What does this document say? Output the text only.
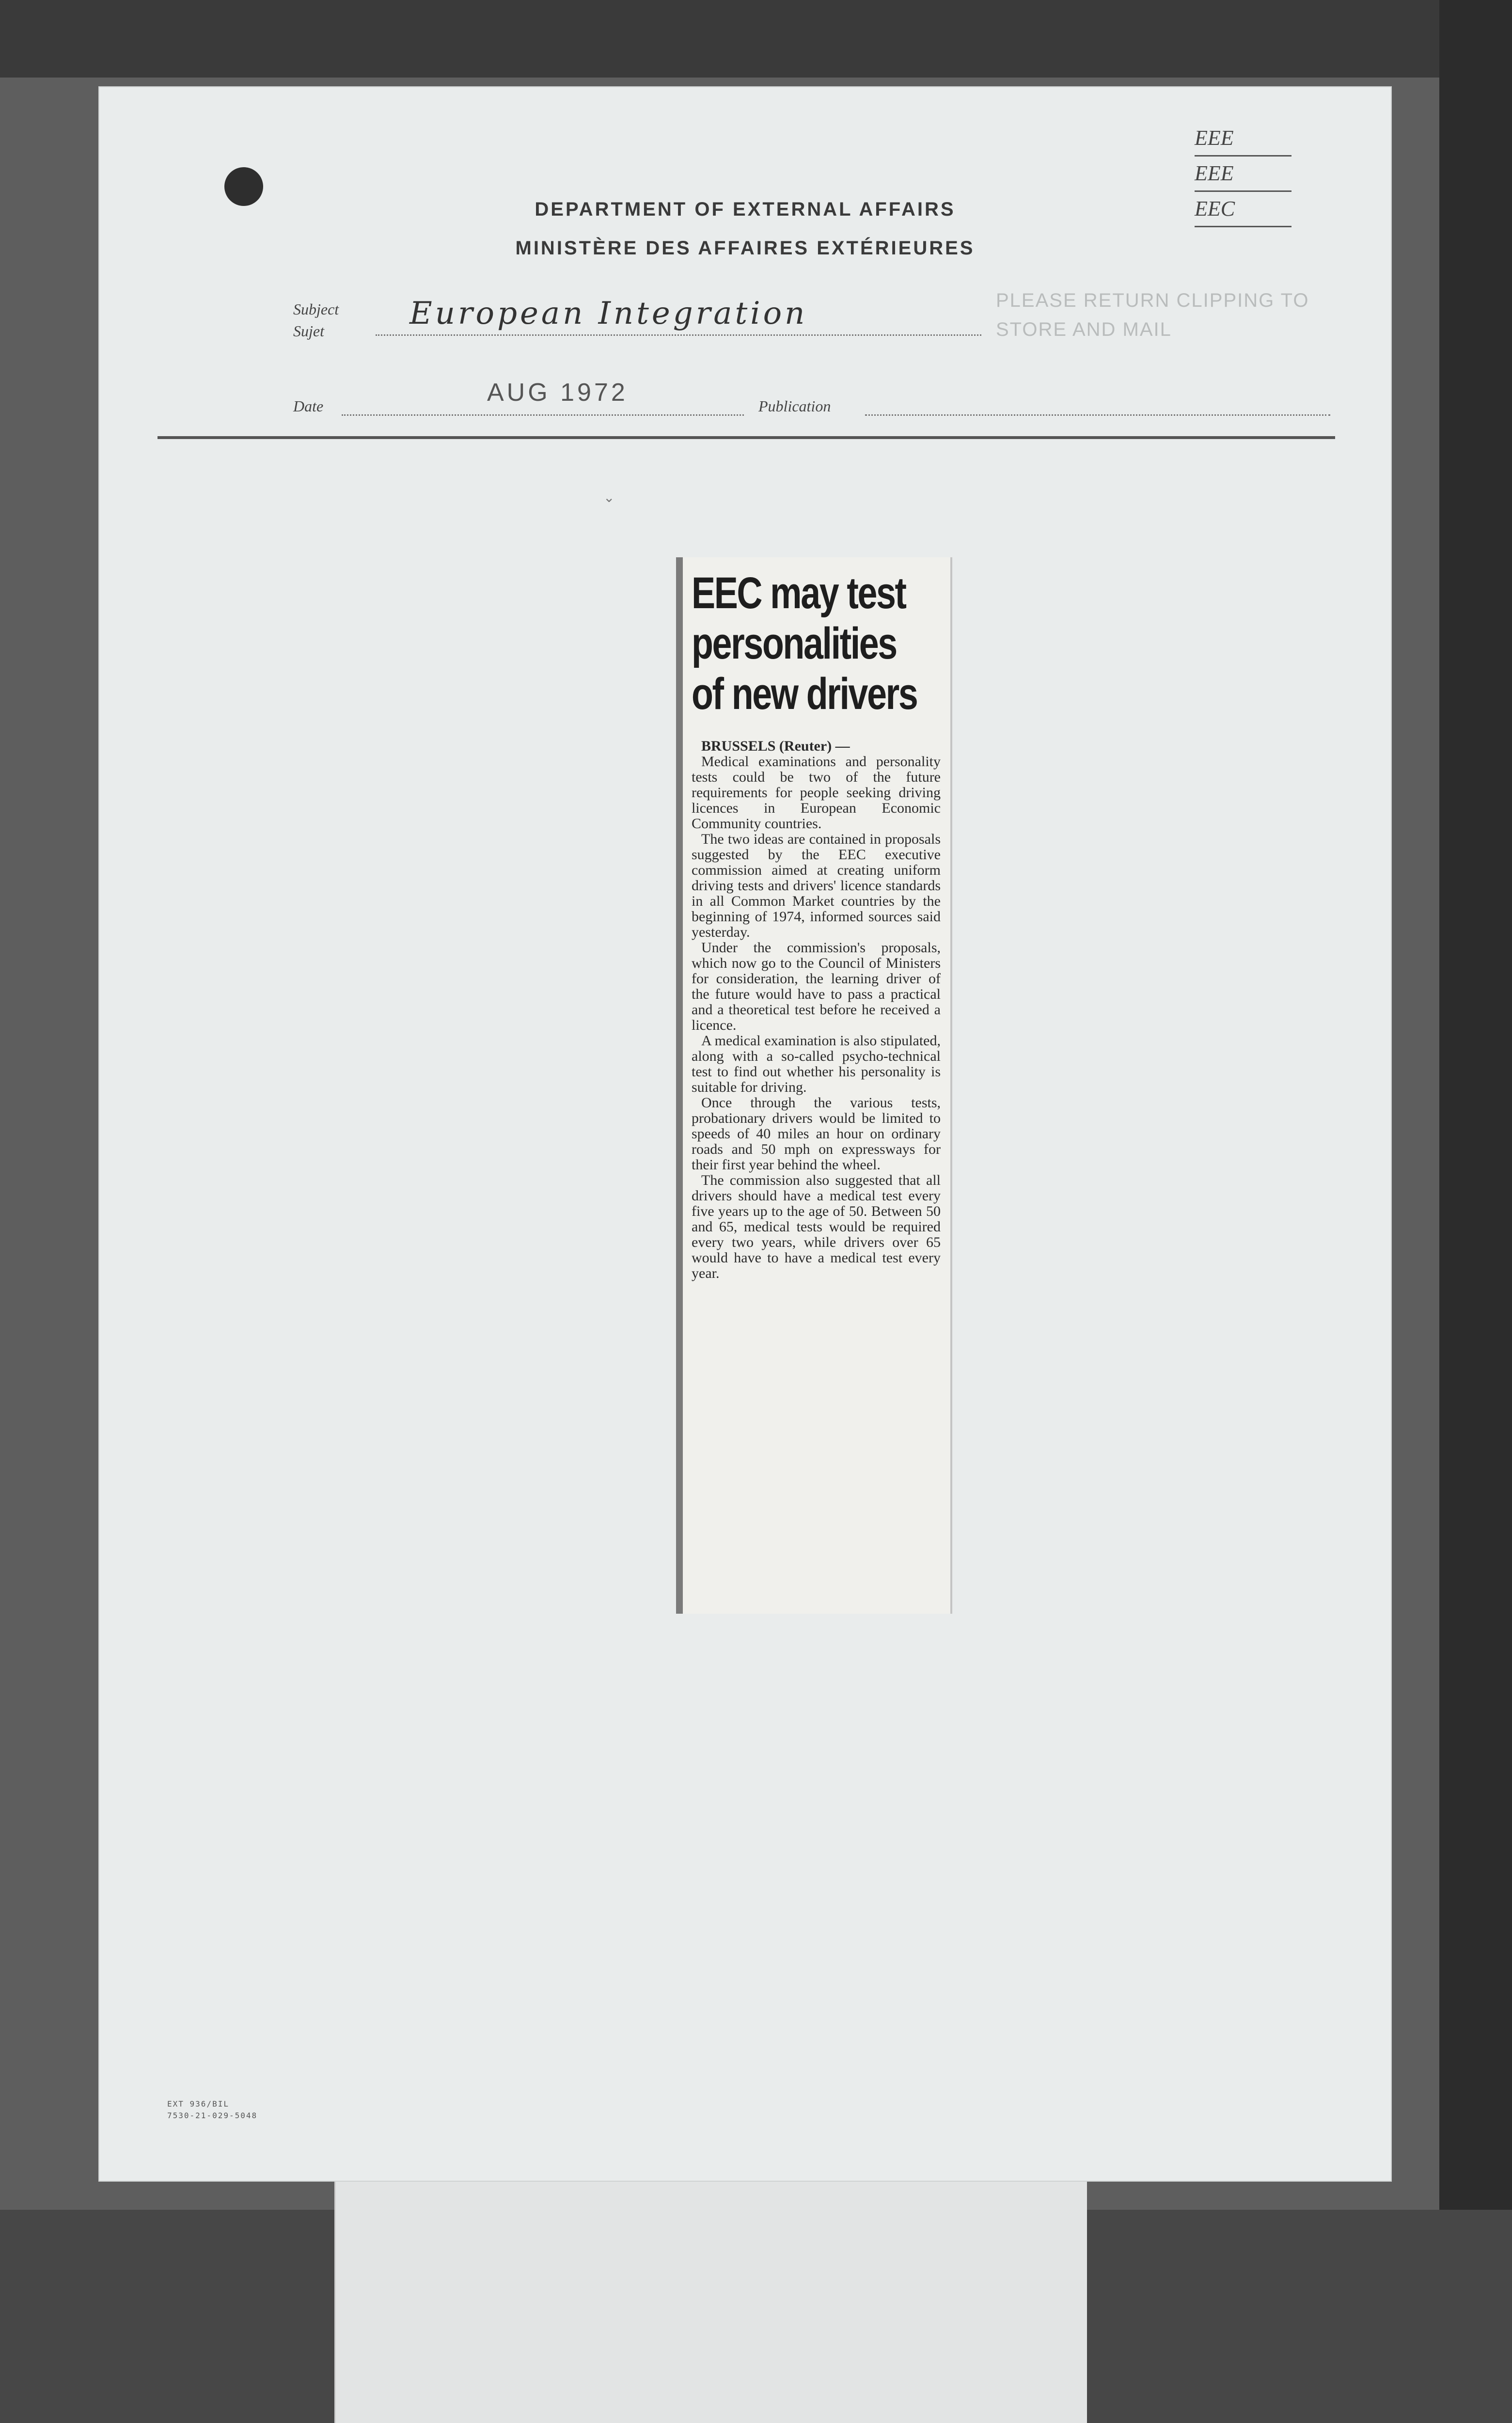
EEE
EEE
EEC
DEPARTMENT OF EXTERNAL AFFAIRS
MINISTÈRE DES AFFAIRES EXTÉRIEURES
Subject
Sujet	European Integration	PLEASE RETURN CLIPPING TO
STORE AND MAIL
Date	AUG 1972	Publication
⌄
EEC may test
personalities
of new drivers

BRUSSELS (Reuter) —

Medical examinations and personality tests could be two of the future requirements for people seeking driving licences in European Economic Community countries.

The two ideas are contained in proposals suggested by the EEC executive commission aimed at creating uniform driving tests and drivers' licence standards in all Common Market countries by the beginning of 1974, informed sources said yesterday.

Under the commission's proposals, which now go to the Council of Ministers for consideration, the learning driver of the future would have to pass a practical and a theoretical test before he received a licence.

A medical examination is also stipulated, along with a so-called psycho-technical test to find out whether his personality is suitable for driving.

Once through the various tests, probationary drivers would be limited to speeds of 40 miles an hour on ordinary roads and 50 mph on expressways for their first year behind the wheel.

The commission also suggested that all drivers should have a medical test every five years up to the age of 50. Between 50 and 65, medical tests would be required every two years, while drivers over 65 would have to have a medical test every year.

EXT 936/BIL
7530-21-029-5048
